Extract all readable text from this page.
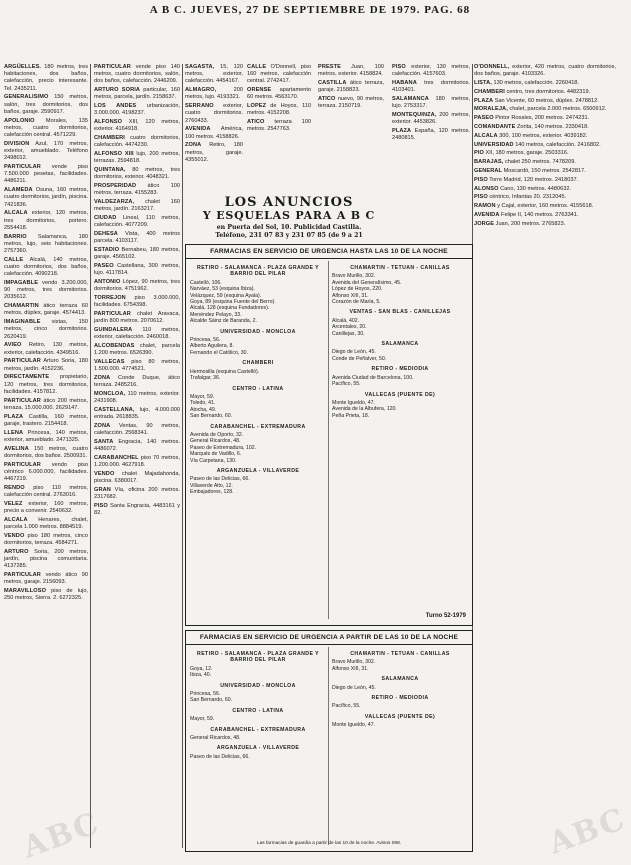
A B C. JUEVES, 27 DE SEPTIEMBRE DE 1979. PAG. 68
ARGÜELLES. 180 metros, tres habitaciones, dos baños, calefacción, precio interesante. Tel. 2435211.
GENERALISIMO 150 metros, salón, tres dormitorios, dos baños, garaje. 2590917.
APOLONIO Morales, 135 metros, cuatro dormitorios, calefacción central. 4571229.
DIVISION Azul, 170 metros, exterior, amueblado. Teléfono 2498012.
PARTICULAR vende piso 7.500.000 pesetas, facilidades. 4486211.
ALAMEDA Osuna, 160 metros, cuatro dormitorios, jardín, piscina. 7421836.
ALCALA exterior, 120 metros, tres dormitorios, portero. 2554418.
BARRIO Salamanca, 180 metros, lujo, seis habitaciones. 2757360.
CALLE Alcalá, 140 metros, cuatro dormitorios, dos baños, calefacción. 4090218.
IMPAGABLE vendo 3.200.000, 90 metros, tres dormitorios. 2035612.
CHAMARTIN ático terraza 60 metros, dúplex, garaje. 4574413.
IMAGINABLE vistas, 150 metros, cinco dormitorios. 2620419.
AVIEO Retiro, 130 metros, exterior, calefacción. 4349516.
PARTICULAR Arturo Soria, 180 metros, jardín. 4152236.
DIRECTAMENTE propietario, 120 metros, tres dormitorios, facilidades. 4157812.
PARTICULAR ático 200 metros, terraza, 15.000.000. 2629147.
PLAZA Castilla, 160 metros, garaje, trastero. 2154418.
LLENA Princesa, 140 metros, exterior, amueblado. 2471325.
AVELINA 150 metros, cuatro dormitorios, dos baños. 2500931.
PARTICULAR vendo piso céntrico 6.000.000, facilidades. 4467219.
RENDO piso 110 metros, calefacción central. 2763016.
VELEZ exterior, 160 metros, precio a convenir. 2540632.
ALCALA Henares, chalet, parcela 1.000 metros. 8884519.
VENDO piso 180 metros, cinco dormitorios, terraza. 4584271.
ARTURO Soria, 200 metros, jardín, piscina comunitaria. 4137285.
PARTICULAR vendo ático 90 metros, garaje. 2156093.
MARAVILLOSO piso de lujo, 250 metros, Sierra. 2. 6272325.
PARTICULAR vende piso 140 metros, cuatro dormitorios, salón, dos baños, calefacción. 2446209.
ARTURO SORIA particular, 160 metros, parcela, jardín. 2158637.
LOS ANDES urbanización, 3.000.000. 4198237.
ALFONSO XIII, 120 metros, exterior. 4164918.
CHAMBERI cuatro dormitorios, calefacción. 4474230.
ALFONSO XIII lujo, 200 metros, terrazas. 2594818.
QUINTANA, 80 metros, tres dormitorios, exterior. 4048321.
PROSPERIDAD ático 100 metros, terraza. 4155283.
VALDEZARZA, chalet 160 metros, jardín. 2163217.
CIUDAD Lineal, 110 metros, calefacción. 4077209.
DEHESA Vista, 400 metros parcela. 4103117.
ESTADIO Bernabeu, 180 metros, garaje. 4565102.
PASEO Castellana, 300 metros, lujo. 4117814.
ANTONIO López, 90 metros, tres dormitorios. 4751962.
TORREJON piso 3.000.000, facilidades. 6754398.
PARTICULAR chalet Aravaca, jardín 800 metros. 2070612.
GUINDALERA 110 metros, exterior, calefacción. 2460018.
ALCOBENDAS chalet, parcela 1.200 metros. 6526390.
VALLECAS piso 80 metros, 1.500.000. 4774521.
ZONA Conde Duque, ático terraza. 2485216.
MONCLOA, 110 metros, exterior. 2431908.
CASTELLANA, lujo, 4.000.000 entrada. 2618835.
ZONA Ventas, 90 metros, calefacción. 2568341.
SANTA Engracia, 140 metros. 4486072.
CARABANCHEL piso 70 metros, 1.200.000. 4627918.
VENDO chalet Majadahonda, piscina. 6380017.
GRAN Vía, oficina 200 metros. 2317682.
PISO Santa Engracia, 4483161 y 82.
SAGASTA, 15, 120 metros, exterior, calefacción. 4454167.
ALMAGRO, 200 metros, lujo. 4193321.
SERRANO exterior, cuatro dormitorios. 2760433.
AVENIDA América, 100 metros. 4158826.
ZONA Retiro, 180 metros, garaje. 4355012.
CALLE O'Donnell, piso 160 metros, calefacción central. 2742417.
ORENSE apartamento 60 metros. 4563170.
LOPEZ de Hoyos, 110 metros. 4152208.
ATICO terraza 100 metros. 2547763.
PRESTE Juan, 100 metros, exterior. 4158824.
CASTILLA ático terraza, garaje. 2158823.
ATICO nuevo, 90 metros, terraza. 2150719.
PISO exterior, 130 metros, calefacción. 4157603.
HABANA tres dormitorios. 4103401.
SALAMANCA 180 metros, lujo. 2753317.
MONTEQUINZA, 200 metros, exterior. 4453826.
PLAZA España, 120 metros. 2480815.
O'DONNELL, exterior, 420 metros, cuatro dormitorios, dos baños, garaje. 4103326.
LISTA, 130 metros, calefacción. 2260418.
CHAMBERI centro, tres dormitorios. 4482319.
PLAZA San Vicente, 60 metros, dúplex. 2478812.
MORALEJA, chalet, parcela 2.000 metros. 6500912.
PASEO Pintor Rosales, 200 metros. 2474231.
COMANDANTE Zorita, 140 metros. 2330418.
ALCALA 300, 100 metros, exterior. 4039182.
UNIVERSIDAD 140 metros, calefacción. 2416802.
PIO XII, 180 metros, garaje. 2503316.
BARAJAS, chalet 250 metros. 7478209.
GENERAL Moscardó, 150 metros. 2542817.
PISO Torre Madrid, 120 metros. 2418037.
ALONSO Cano, 130 metros. 4480632.
PISO céntrico, Infantas 20. 2312045.
RAMON y Cajal, exterior, 160 metros. 4155618.
AVENIDA Felipe II, 140 metros. 2763341.
JORGE Juan, 200 metros. 2765823.
LOS ANUNCIOS
Y ESQUELAS PARA A B C
en Puerta del Sol, 10. Publicidad Castilla.
Teléfono, 231 07 83 y 231 07 85 (de 9 a 21
FARMACIAS EN SERVICIO DE URGENCIA HASTA LAS 10 DE LA NOCHE
RETIRO - SALAMANCA - PLAZA GRANDE Y BARRIO DEL PILAR
Castelló, 106.
Narváez, 53 (esquina Ibiza).
Velázquez, 59 (esquina Ayala).
Goya, 89 (esquina Fuente del Berro).
Alcalá, 128 (esquina Fundadores).
Menéndez Pelayo, 33.
Alcalde Sáinz de Baranda, 2.
UNIVERSIDAD - MONCLOA
Princesa, 56.
Alberto Aguilera, 8.
Fernando el Católico, 30.
CHAMBERI
Hermosilla (esquina Castelló).
Trafalgar, 36.
CENTRO - LATINA
Mayor, 59.
Toledo, 41.
Atocha, 49.
San Bernardo, 60.
CARABANCHEL - EXTREMADURA
Avenida de Oporto, 32.
General Ricardos, 48.
Paseo de Extremadura, 102.
Marqués de Vadillo, 6.
Vía Carpetana, 130.
ARGANZUELA - VILLAVERDE
Paseo de las Delicias, 66.
Villaverde Alto, 12.
Embajadores, 128.
CHAMARTIN - TETUAN - CANILLAS
Bravo Murillo, 302.
Avenida del Generalísimo, 45.
López de Hoyos, 220.
Alfonso XIII, 31.
Corazón de María, 5.
VENTAS - SAN BLAS - CANILLEJAS
Alcalá, 402.
Arcentales, 20.
Canillejas, 30.
SALAMANCA
Diego de León, 45.
Conde de Peñalver, 50.
RETIRO - MEDIODIA
Avenida Ciudad de Barcelona, 100.
Pacífico, 55.
VALLECAS (PUENTE DE)
Monte Igueldo, 47.
Avenida de la Albufera, 120.
Peña Prieta, 18.
Turno 52-1979
FARMACIAS EN SERVICIO DE URGENCIA A PARTIR DE LAS 10 DE LA NOCHE
RETIRO - SALAMANCA - PLAZA GRANDE Y BARRIO DEL PILAR
Goya, 12.
Ibiza, 40.
UNIVERSIDAD - MONCLOA
Princesa, 56.
San Bernardo, 60.
CENTRO - LATINA
Mayor, 59.
CARABANCHEL - EXTREMADURA
General Ricardos, 48.
ARGANZUELA - VILLAVERDE
Paseo de las Delicias, 66.
CHAMARTIN - TETUAN - CANILLAS
Bravo Murillo, 302.
Alfonso XIII, 31.
SALAMANCA
Diego de León, 45.
RETIRO - MEDIODIA
Pacífico, 55.
VALLECAS (PUENTE DE)
Monte Igueldo, 47.
Las farmacias de guardia a partir de las 10 de la noche. Avisos 098.
ABC	ABC
